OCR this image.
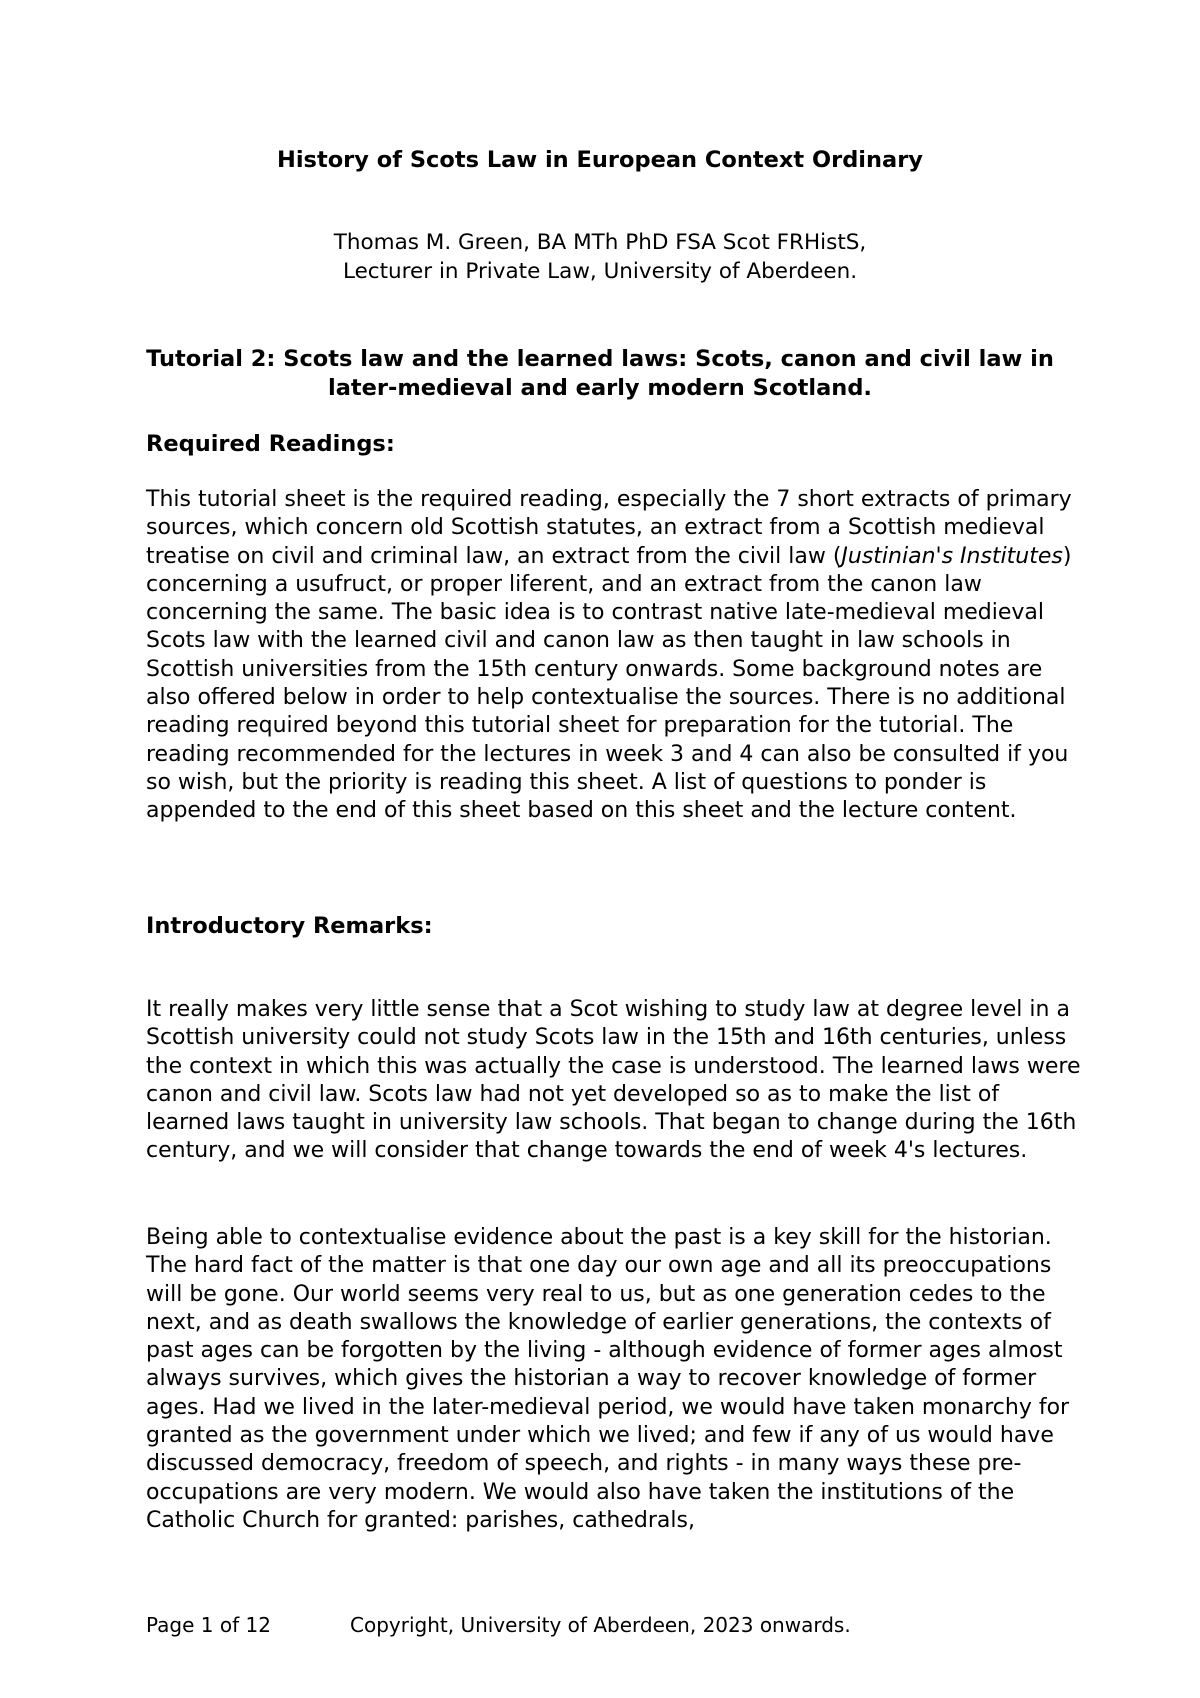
History of Scots Law in European Context Ordinary
Thomas M. Green, BA MTh PhD FSA Scot FRHistS,
Lecturer in Private Law, University of Aberdeen.
Tutorial 2: Scots law and the learned laws: Scots, canon and civil law in later-medieval and early modern Scotland.
Required Readings:

This tutorial sheet is the required reading, especially the 7 short extracts of primary sources, which concern old Scottish statutes, an extract from a Scottish medieval treatise on civil and criminal law, an extract from the civil law (Justinian's Institutes) concerning a usufruct, or proper liferent, and an extract from the canon law concerning the same. The basic idea is to contrast native late-medieval medieval Scots law with the learned civil and canon law as then taught in law schools in Scottish universities from the 15th century onwards. Some background notes are also offered below in order to help contextualise the sources. There is no additional reading required beyond this tutorial sheet for preparation for the tutorial. The reading recommended for the lectures in week 3 and 4 can also be consulted if you so wish, but the priority is reading this sheet. A list of questions to ponder is appended to the end of this sheet based on this sheet and the lecture content.

Introductory Remarks:

It really makes very little sense that a Scot wishing to study law at degree level in a Scottish university could not study Scots law in the 15th and 16th centuries, unless the context in which this was actually the case is understood. The learned laws were canon and civil law. Scots law had not yet developed so as to make the list of learned laws taught in university law schools. That began to change during the 16th century, and we will consider that change towards the end of week 4's lectures.

Being able to contextualise evidence about the past is a key skill for the historian. The hard fact of the matter is that one day our own age and all its preoccupations will be gone. Our world seems very real to us, but as one generation cedes to the next, and as death swallows the knowledge of earlier generations, the contexts of past ages can be forgotten by the living - although evidence of former ages almost always survives, which gives the historian a way to recover knowledge of former ages. Had we lived in the later-medieval period, we would have taken monarchy for granted as the government under which we lived; and few if any of us would have discussed democracy, freedom of speech, and rights - in many ways these pre-occupations are very modern. We would also have taken the institutions of the Catholic Church for granted: parishes, cathedrals,

Page 1 of 12	Copyright, University of Aberdeen, 2023 onwards.
